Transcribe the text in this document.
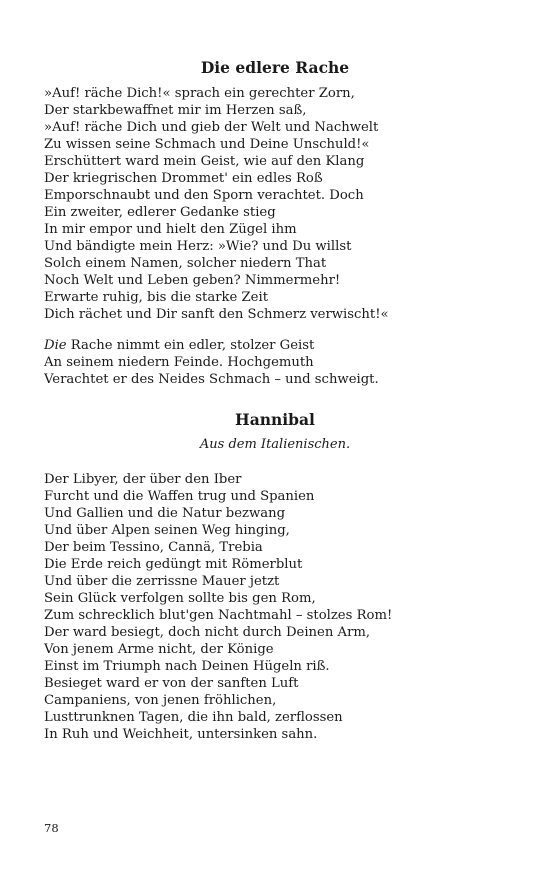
Die edlere Rache
»Auf! räche Dich!« sprach ein gerechter Zorn,
Der starkbewaffnet mir im Herzen saß,
»Auf! räche Dich und gieb der Welt und Nachwelt
Zu wissen seine Schmach und Deine Unschuld!«
Erschüttert ward mein Geist, wie auf den Klang
Der kriegrischen Drommet' ein edles Roß
Emporschnaubt und den Sporn verachtet. Doch
Ein zweiter, edlerer Gedanke stieg
In mir empor und hielt den Zügel ihm
Und bändigte mein Herz: »Wie? und Du willst
Solch einem Namen, solcher niedern That
Noch Welt und Leben geben? Nimmermehr!
Erwarte ruhig, bis die starke Zeit
Dich rächet und Dir sanft den Schmerz verwischt!«
Die Rache nimmt ein edler, stolzer Geist
An seinem niedern Feinde. Hochgemuth
Verachtet er des Neides Schmach – und schweigt.
Hannibal
Aus dem Italienischen.
Der Libyer, der über den Iber
Furcht und die Waffen trug und Spanien
Und Gallien und die Natur bezwang
Und über Alpen seinen Weg hinging,
Der beim Tessino, Cannä, Trebia
Die Erde reich gedüngt mit Römerblut
Und über die zerrissne Mauer jetzt
Sein Glück verfolgen sollte bis gen Rom,
Zum schrecklich blut'gen Nachtmahl – stolzes Rom!
Der ward besiegt, doch nicht durch Deinen Arm,
Von jenem Arme nicht, der Könige
Einst im Triumph nach Deinen Hügeln riß.
Besieget ward er von der sanften Luft
Campaniens, von jenen fröhlichen,
Lusttrunknen Tagen, die ihn bald, zerflossen
In Ruh und Weichheit, untersinken sahn.
78
